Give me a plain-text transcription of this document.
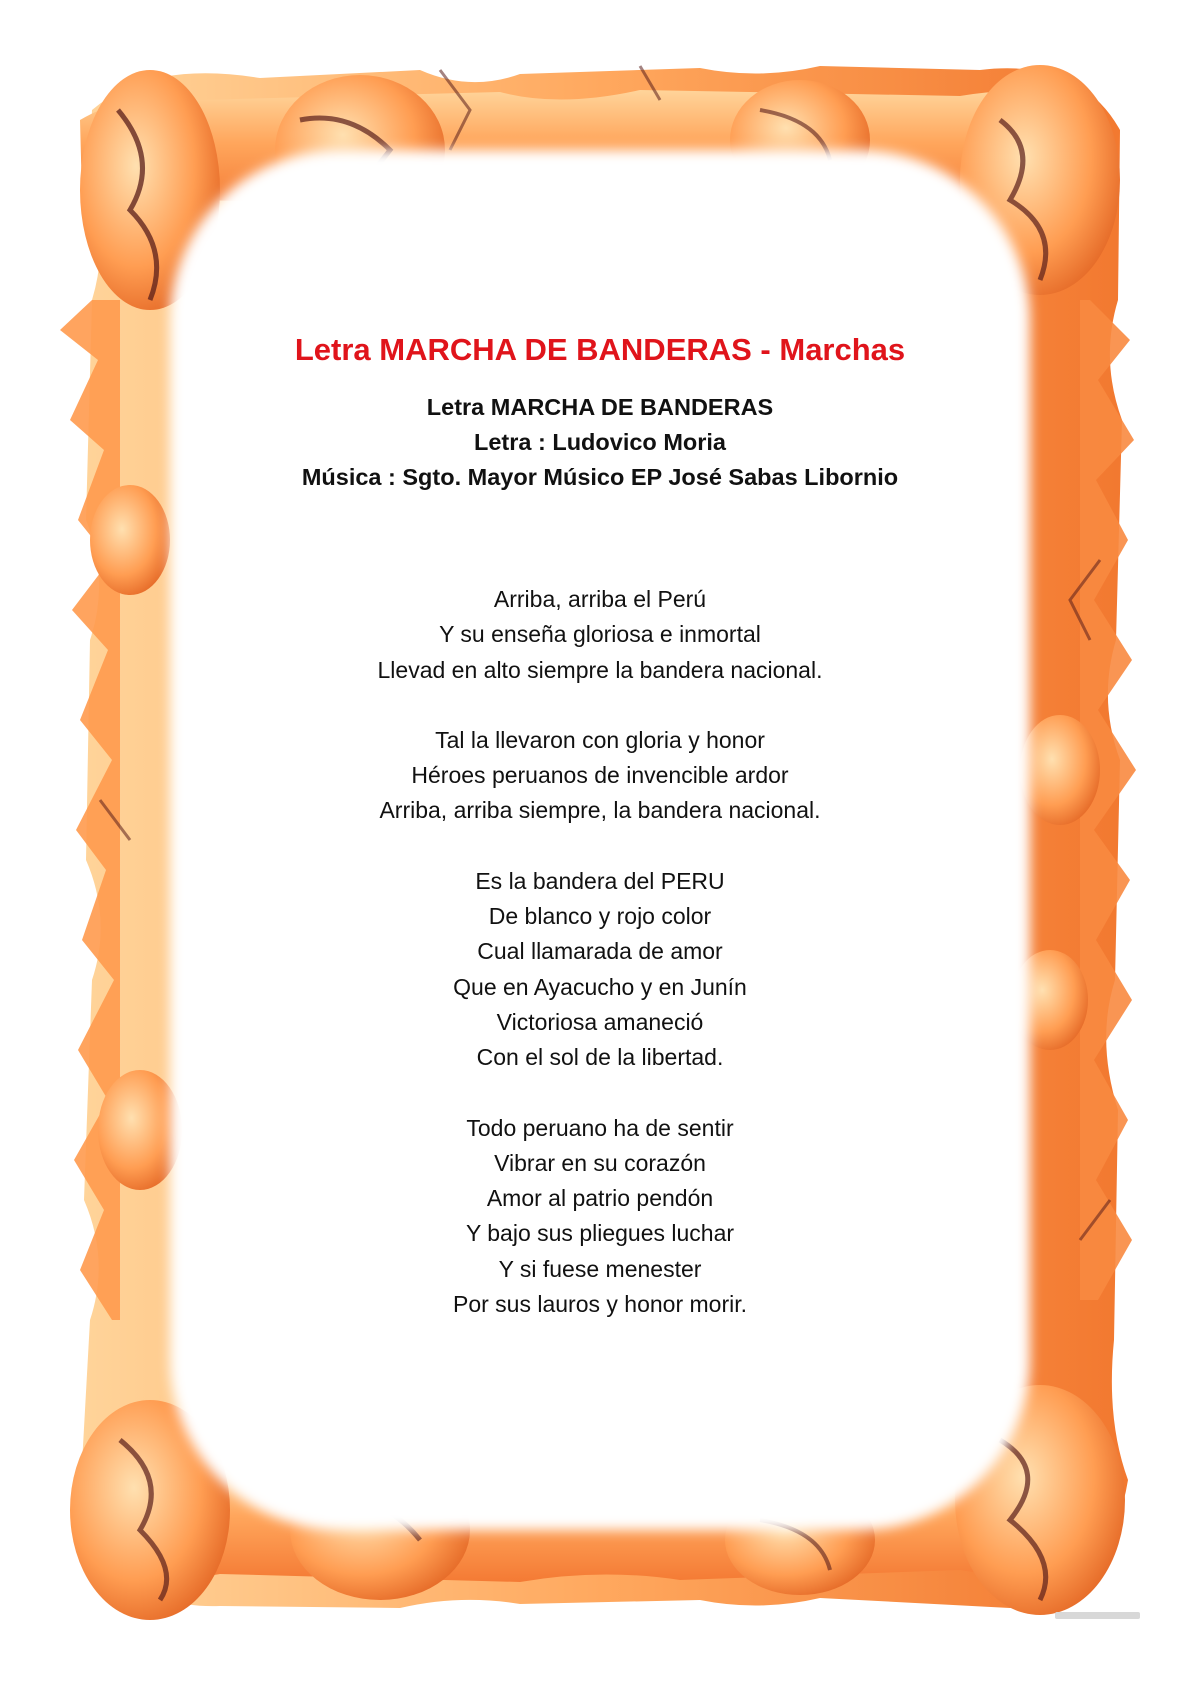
Letra MARCHA DE BANDERAS - Marchas
Letra MARCHA DE BANDERAS
Letra : Ludovico Moria
Música : Sgto. Mayor Músico EP José Sabas Libornio
Arriba, arriba el Perú
Y su enseña gloriosa e inmortal
Llevad en alto siempre la bandera nacional.
Tal la llevaron con gloria y honor
Héroes peruanos de invencible ardor
Arriba, arriba siempre, la bandera nacional.
Es la bandera del PERU
De blanco y rojo color
Cual llamarada de amor
Que en Ayacucho y en Junín
Victoriosa amaneció
Con el sol de la libertad.
Todo peruano ha de sentir
Vibrar en su corazón
Amor al patrio pendón
Y bajo sus pliegues luchar
Y si fuese menester
Por sus lauros y honor morir.
